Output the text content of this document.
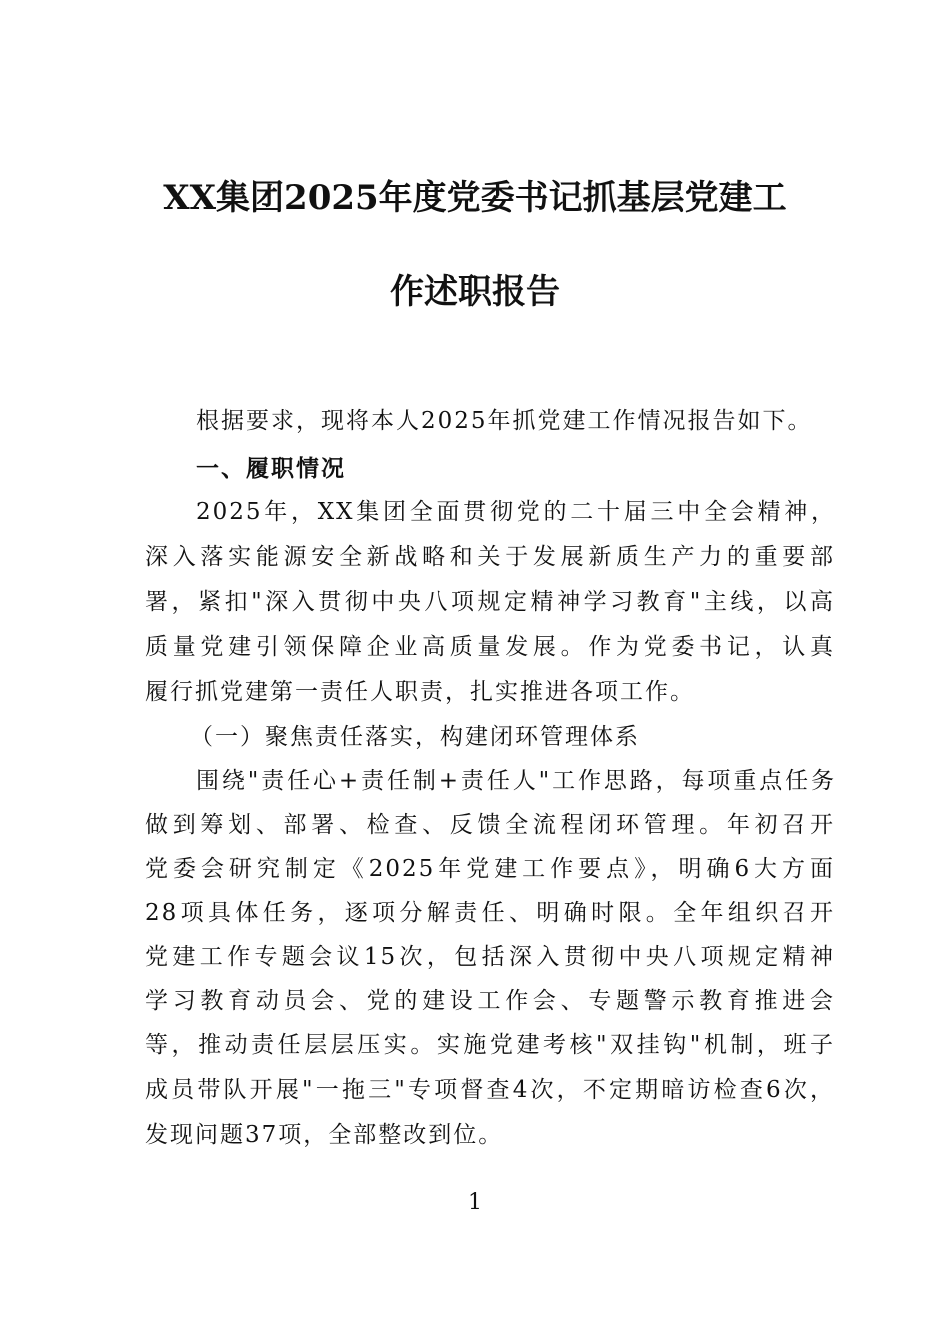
XX集团2025年度党委书记抓基层党建工
作述职报告
根据要求，现将本人2025年抓党建工作情况报告如下。
一、履职情况
2025年，XX集团全面贯彻党的二十届三中全会精神，
深入落实能源安全新战略和关于发展新质生产力的重要部
署，紧扣"深入贯彻中央八项规定精神学习教育"主线，以高
质量党建引领保障企业高质量发展。作为党委书记，认真
履行抓党建第一责任人职责，扎实推进各项工作。
（一）聚焦责任落实，构建闭环管理体系
围绕"责任心+责任制+责任人"工作思路，每项重点任务
做到筹划、部署、检查、反馈全流程闭环管理。年初召开
党委会研究制定《2025年党建工作要点》，明确6大方面
28项具体任务，逐项分解责任、明确时限。全年组织召开
党建工作专题会议15次，包括深入贯彻中央八项规定精神
学习教育动员会、党的建设工作会、专题警示教育推进会
等，推动责任层层压实。实施党建考核"双挂钩"机制，班子
成员带队开展"一拖三"专项督查4次，不定期暗访检查6次，
发现问题37项，全部整改到位。
1
